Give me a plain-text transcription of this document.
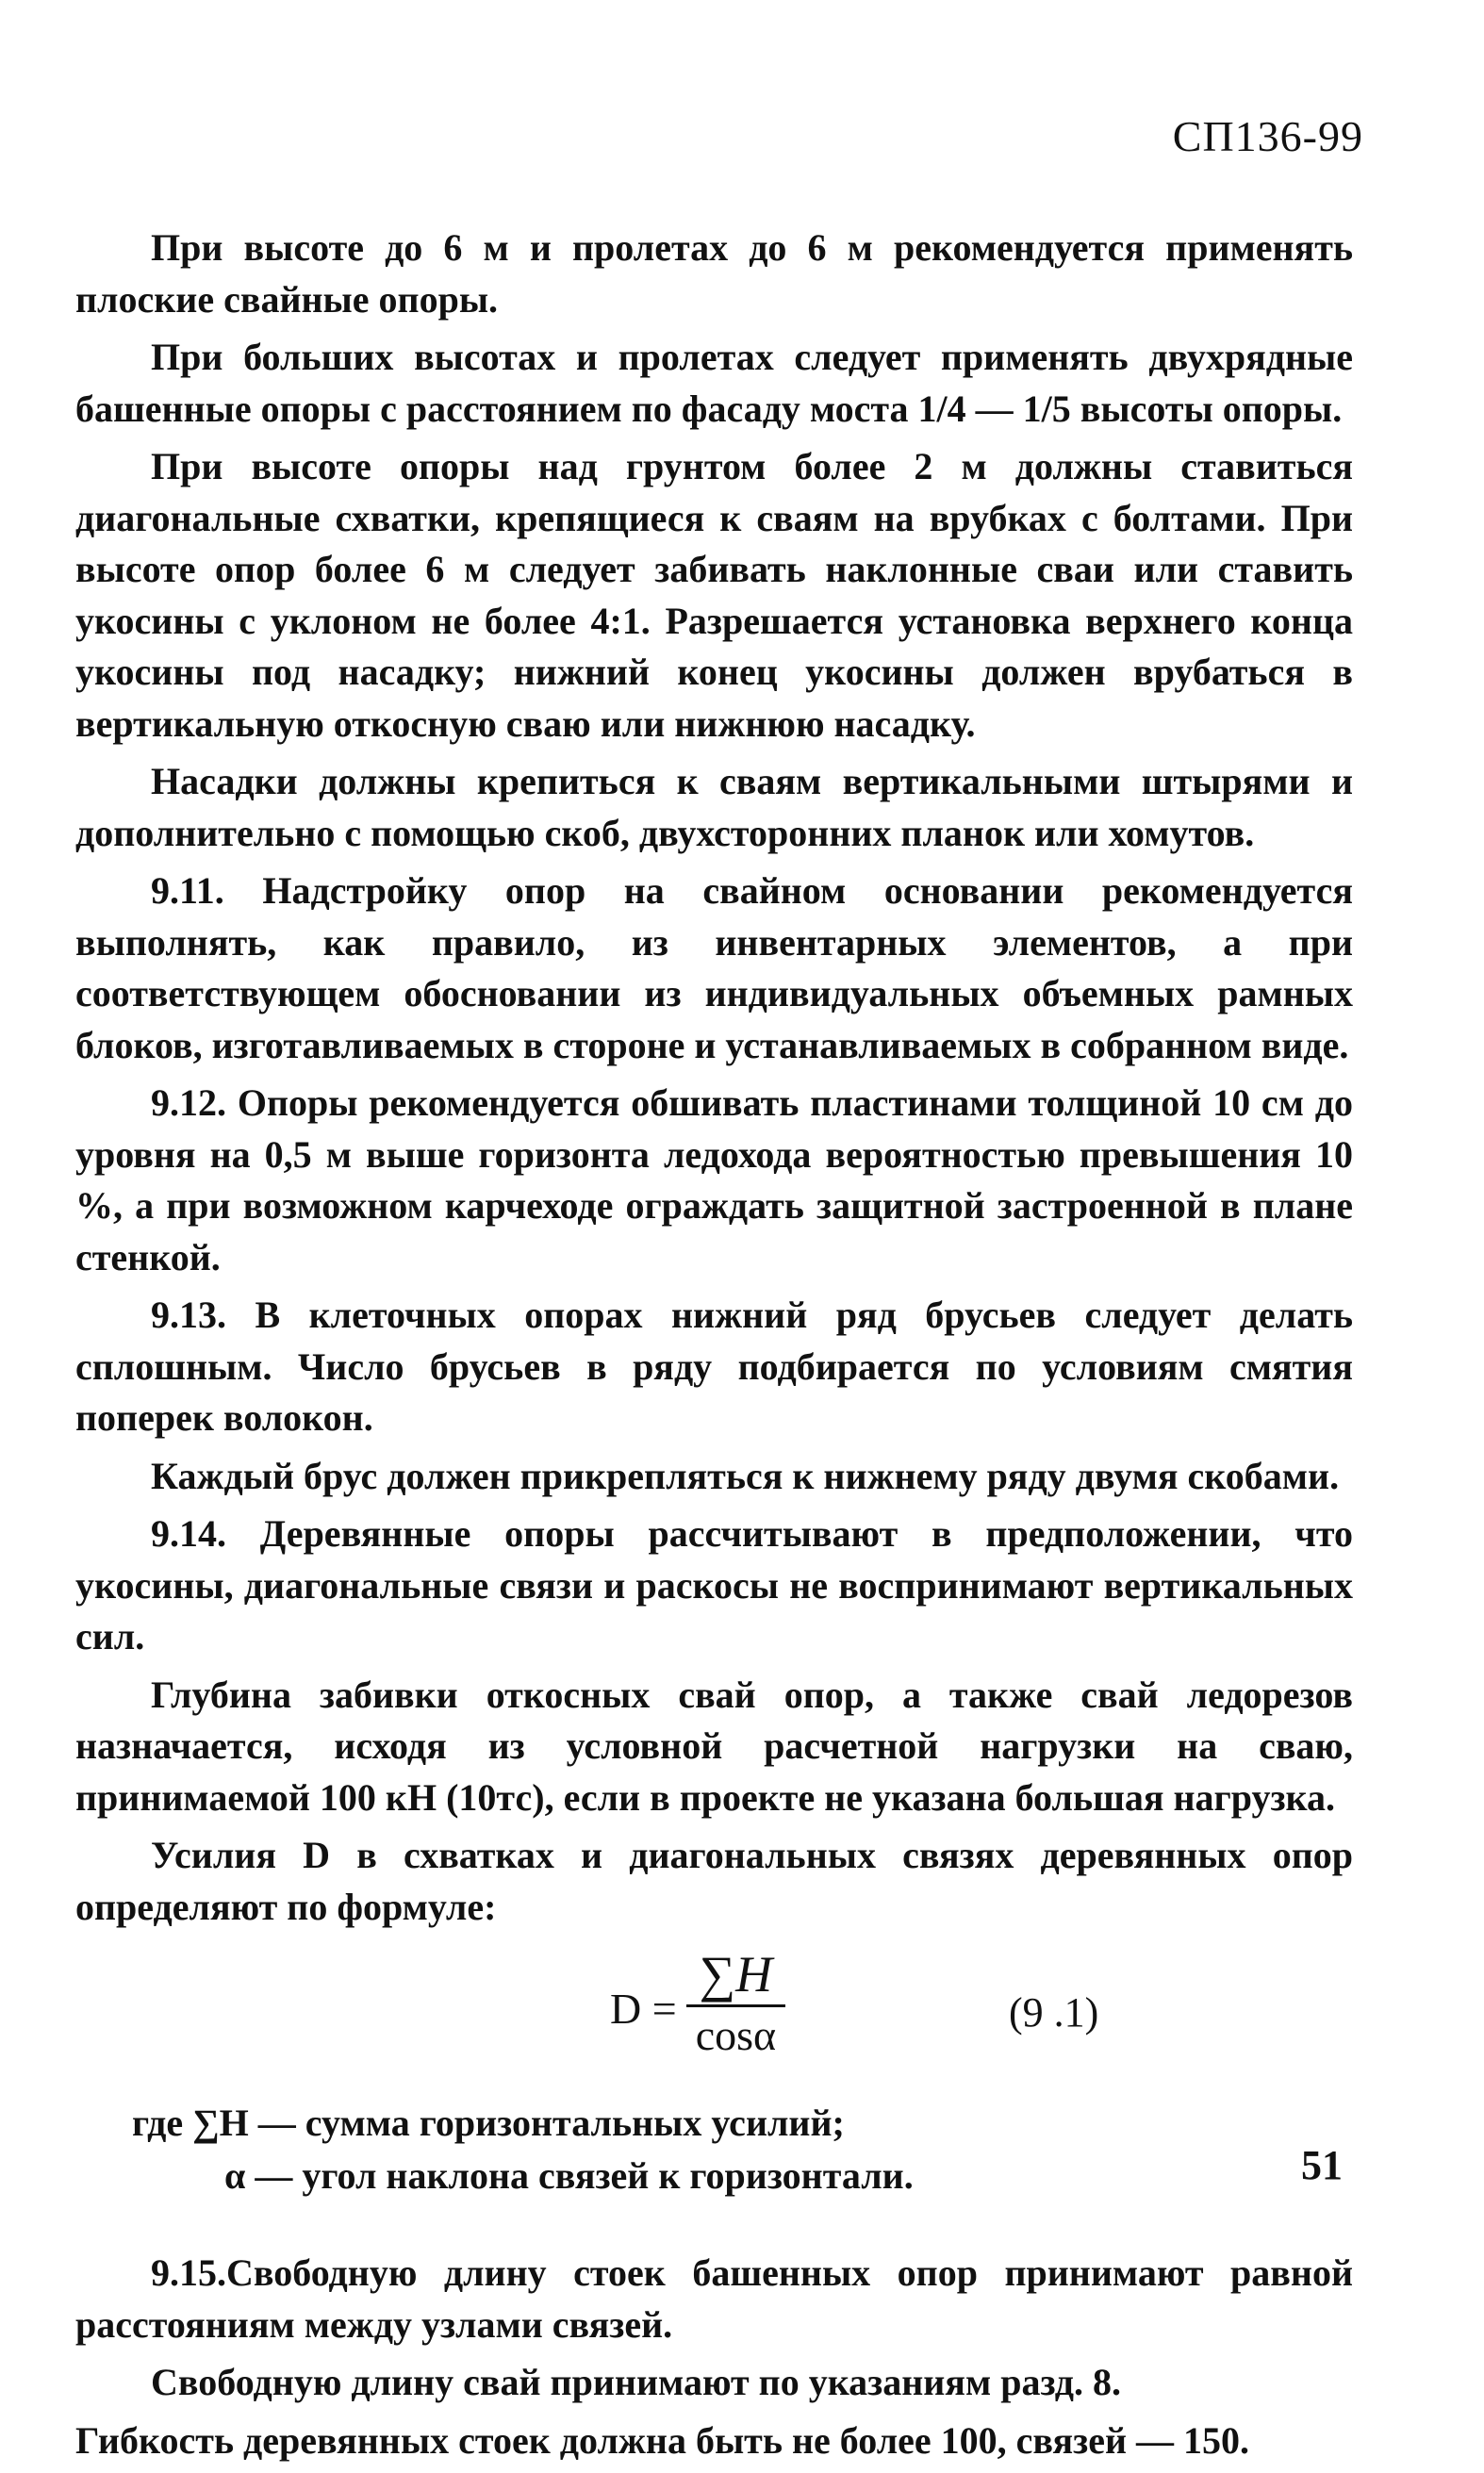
СП136-99

При высоте до 6 м и пролетах до 6 м рекомендуется применять плоские свайные опоры.

При больших высотах и пролетах следует применять двухрядные башенные опоры с расстоянием по фасаду моста 1/4 — 1/5 высоты опоры.

При высоте опоры над грунтом более 2 м должны ставиться диагональные схватки, крепящиеся к сваям на врубках с болтами. При высоте опор более 6 м следует забивать наклонные сваи или ставить укосины с уклоном не более 4:1. Разрешается установка верхнего конца укосины под насадку; нижний конец укосины должен врубаться в вертикальную откосную сваю или нижнюю насадку.

Насадки должны крепиться к сваям вертикальными штырями и дополнительно с помощью скоб, двухсторонних планок или хомутов.

9.11. Надстройку опор на свайном основании рекомендуется выполнять, как правило, из инвентарных элементов, а при соответствующем обосновании из индивидуальных объемных рамных блоков, изготавливаемых в стороне и устанавливаемых в собранном виде.

9.12. Опоры рекомендуется обшивать пластинами толщиной 10 см до уровня на 0,5 м выше горизонта ледохода вероятностью превышения 10 %, а при возможном карчеходе ограждать защитной застроенной в плане стенкой.

9.13. В клеточных опорах нижний ряд брусьев следует делать сплошным. Число брусьев в ряду подбирается по условиям смятия поперек волокон.

Каждый брус должен прикрепляться к нижнему ряду двумя скобами.

9.14. Деревянные опоры рассчитывают в предположении, что укосины, диагональные связи и раскосы не воспринимают вертикальных сил.

Глубина забивки откосных свай опор, а также свай ледорезов назначается, исходя из условной расчетной нагрузки на сваю, принимаемой 100 кН (10тс), если в проекте не указана большая нагрузка.

Усилия D в схватках и диагональных связях деревянных опор определяют по формуле:

$D = \frac{\sum H}{\cos\alpha}$	(9 .1)
где ∑H — сумма горизонтальных усилий;
α — угол наклона связей к горизонтали.

9.15.Свободную длину стоек башенных опор принимают равной расстояниям между узлами связей.

Свободную длину свай принимают по указаниям разд. 8.

Гибкость деревянных стоек должна быть не более 100, связей — 150.

51
